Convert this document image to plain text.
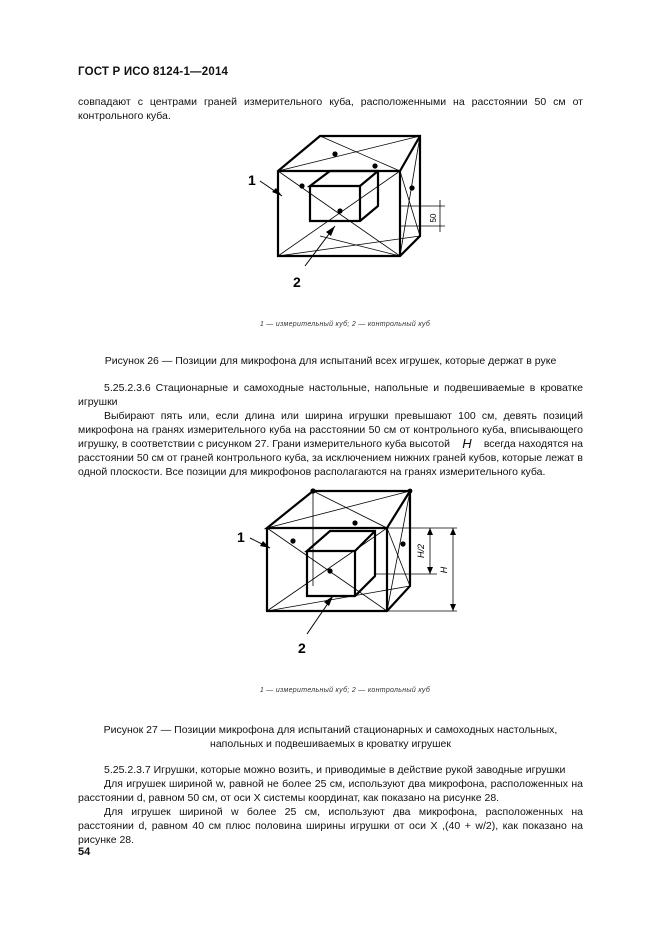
ГОСТ Р ИСО 8124-1—2014
совпадают с центрами граней измерительного куба, расположенными на расстоянии 50 см от
контрольного куба.
1
2
50
1 — измерительный куб; 2 — контрольный куб
Рисунок 26 — Позиции для микрофона для испытаний всех игрушек, которые держат в руке
5.25.2.3.6 Стационарные и самоходные настольные, напольные и подвешиваемые в кроватке
игрушки
Выбирают пять или, если длина или ширина игрушки превышают 100 см, девять позиций
микрофона на гранях измерительного куба на расстоянии 50 см от контрольного куба, вписывающего
игрушку, в соответствии с рисунком 27. Грани измерительного куба высотой H всегда находятся на
расстоянии 50 см от граней контрольного куба, за исключением нижних граней кубов, которые лежат в
одной плоскости. Все позиции для микрофонов располагаются на гранях измерительного куба.
1
2
H/2
H
1 — измерительный куб; 2 — контрольный куб
Рисунок 27 — Позиции микрофона для испытаний стационарных и самоходных настольных,
напольных и подвешиваемых в кроватку игрушек
5.25.2.3.7 Игрушки, которые можно возить, и приводимые в действие рукой заводные игрушки
Для игрушек шириной w, равной не более 25 см, используют два микрофона, расположенных на
расстоянии d, равном 50 см, от оси X системы координат, как показано на рисунке 28.
Для игрушек шириной w более 25 см, используют два микрофона, расположенных на
расстоянии d, равном 40 см плюс половина ширины игрушки от оси X ,(40 + w/2), как показано на
рисунке 28.
54
